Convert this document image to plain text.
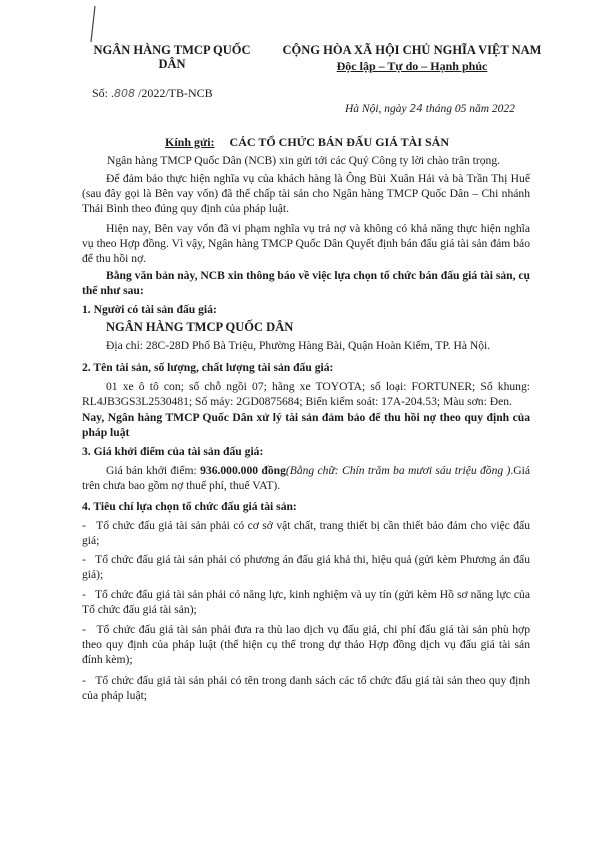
NGÂN HÀNG TMCP QUỐC DÂN
CỘNG HÒA XÃ HỘI CHỦ NGHĨA VIỆT NAM
Độc lập – Tự do – Hạnh phúc
Số: .808 /2022/TB-NCB
Hà Nội, ngày 24 tháng 05 năm 2022
Kính gửi: CÁC TỔ CHỨC BÁN ĐẤU GIÁ TÀI SẢN
Ngân hàng TMCP Quốc Dân (NCB) xin gửi tới các Quý Công ty lời chào trân trọng.
Để đảm bảo thực hiện nghĩa vụ của khách hàng là Ông Bùi Xuân Hải và bà Trần Thị Huế (sau đây gọi là Bên vay vốn) đã thế chấp tài sản cho Ngân hàng TMCP Quốc Dân – Chi nhánh Thái Bình theo đúng quy định của pháp luật.
Hiện nay, Bên vay vốn đã vi phạm nghĩa vụ trả nợ và không có khả năng thực hiện nghĩa vụ theo Hợp đồng. Vì vậy, Ngân hàng TMCP Quốc Dân Quyết định bán đấu giá tài sản đảm bảo để thu hồi nợ.
Bằng văn bản này, NCB xin thông báo về việc lựa chọn tổ chức bán đấu giá tài sản, cụ thể như sau:
1. Người có tài sản đấu giá:
NGÂN HÀNG TMCP QUỐC DÂN
Địa chỉ: 28C-28D Phố Bà Triệu, Phường Hàng Bài, Quận Hoàn Kiếm, TP. Hà Nội.
2. Tên tài sản, số lượng, chất lượng tài sản đấu giá:
01 xe ô tô con; số chỗ ngồi 07; hãng xe TOYOTA; số loại: FORTUNER; Số khung: RL4JB3GS3L2530481; Số máy: 2GD0875684; Biển kiểm soát: 17A-204.53; Màu sơn: Đen.
Nay, Ngân hàng TMCP Quốc Dân xử lý tài sản đảm bảo để thu hồi nợ theo quy định của pháp luật
3. Giá khởi điểm của tài sản đấu giá:
Giá bán khởi điểm: 936.000.000 đồng(Bằng chữ: Chín trăm ba mươi sáu triệu đồng ).Giá trên chưa bao gồm nợ thuế phí, thuế VAT).
4. Tiêu chí lựa chọn tổ chức đấu giá tài sản:
-   Tổ chức đấu giá tài sản phải có cơ sở vật chất, trang thiết bị cần thiết bảo đảm cho việc đấu giá;
-   Tổ chức đấu giá tài sản phải có phương án đấu giá khả thi, hiệu quả (gửi kèm Phương án đấu giá);
-   Tổ chức đấu giá tài sản phải có năng lực, kinh nghiệm và uy tín (gửi kèm Hồ sơ năng lực của Tổ chức đấu giá tài sản);
-   Tổ chức đấu giá tài sản phải đưa ra thù lao dịch vụ đấu giá, chi phí đấu giá tài sản phù hợp theo quy định của pháp luật (thể hiện cụ thể trong dự thảo Hợp đồng dịch vụ đấu giá tài sản đính kèm);
-   Tổ chức đấu giá tài sản phải có tên trong danh sách các tổ chức đấu giá tài sản theo quy định của pháp luật;
